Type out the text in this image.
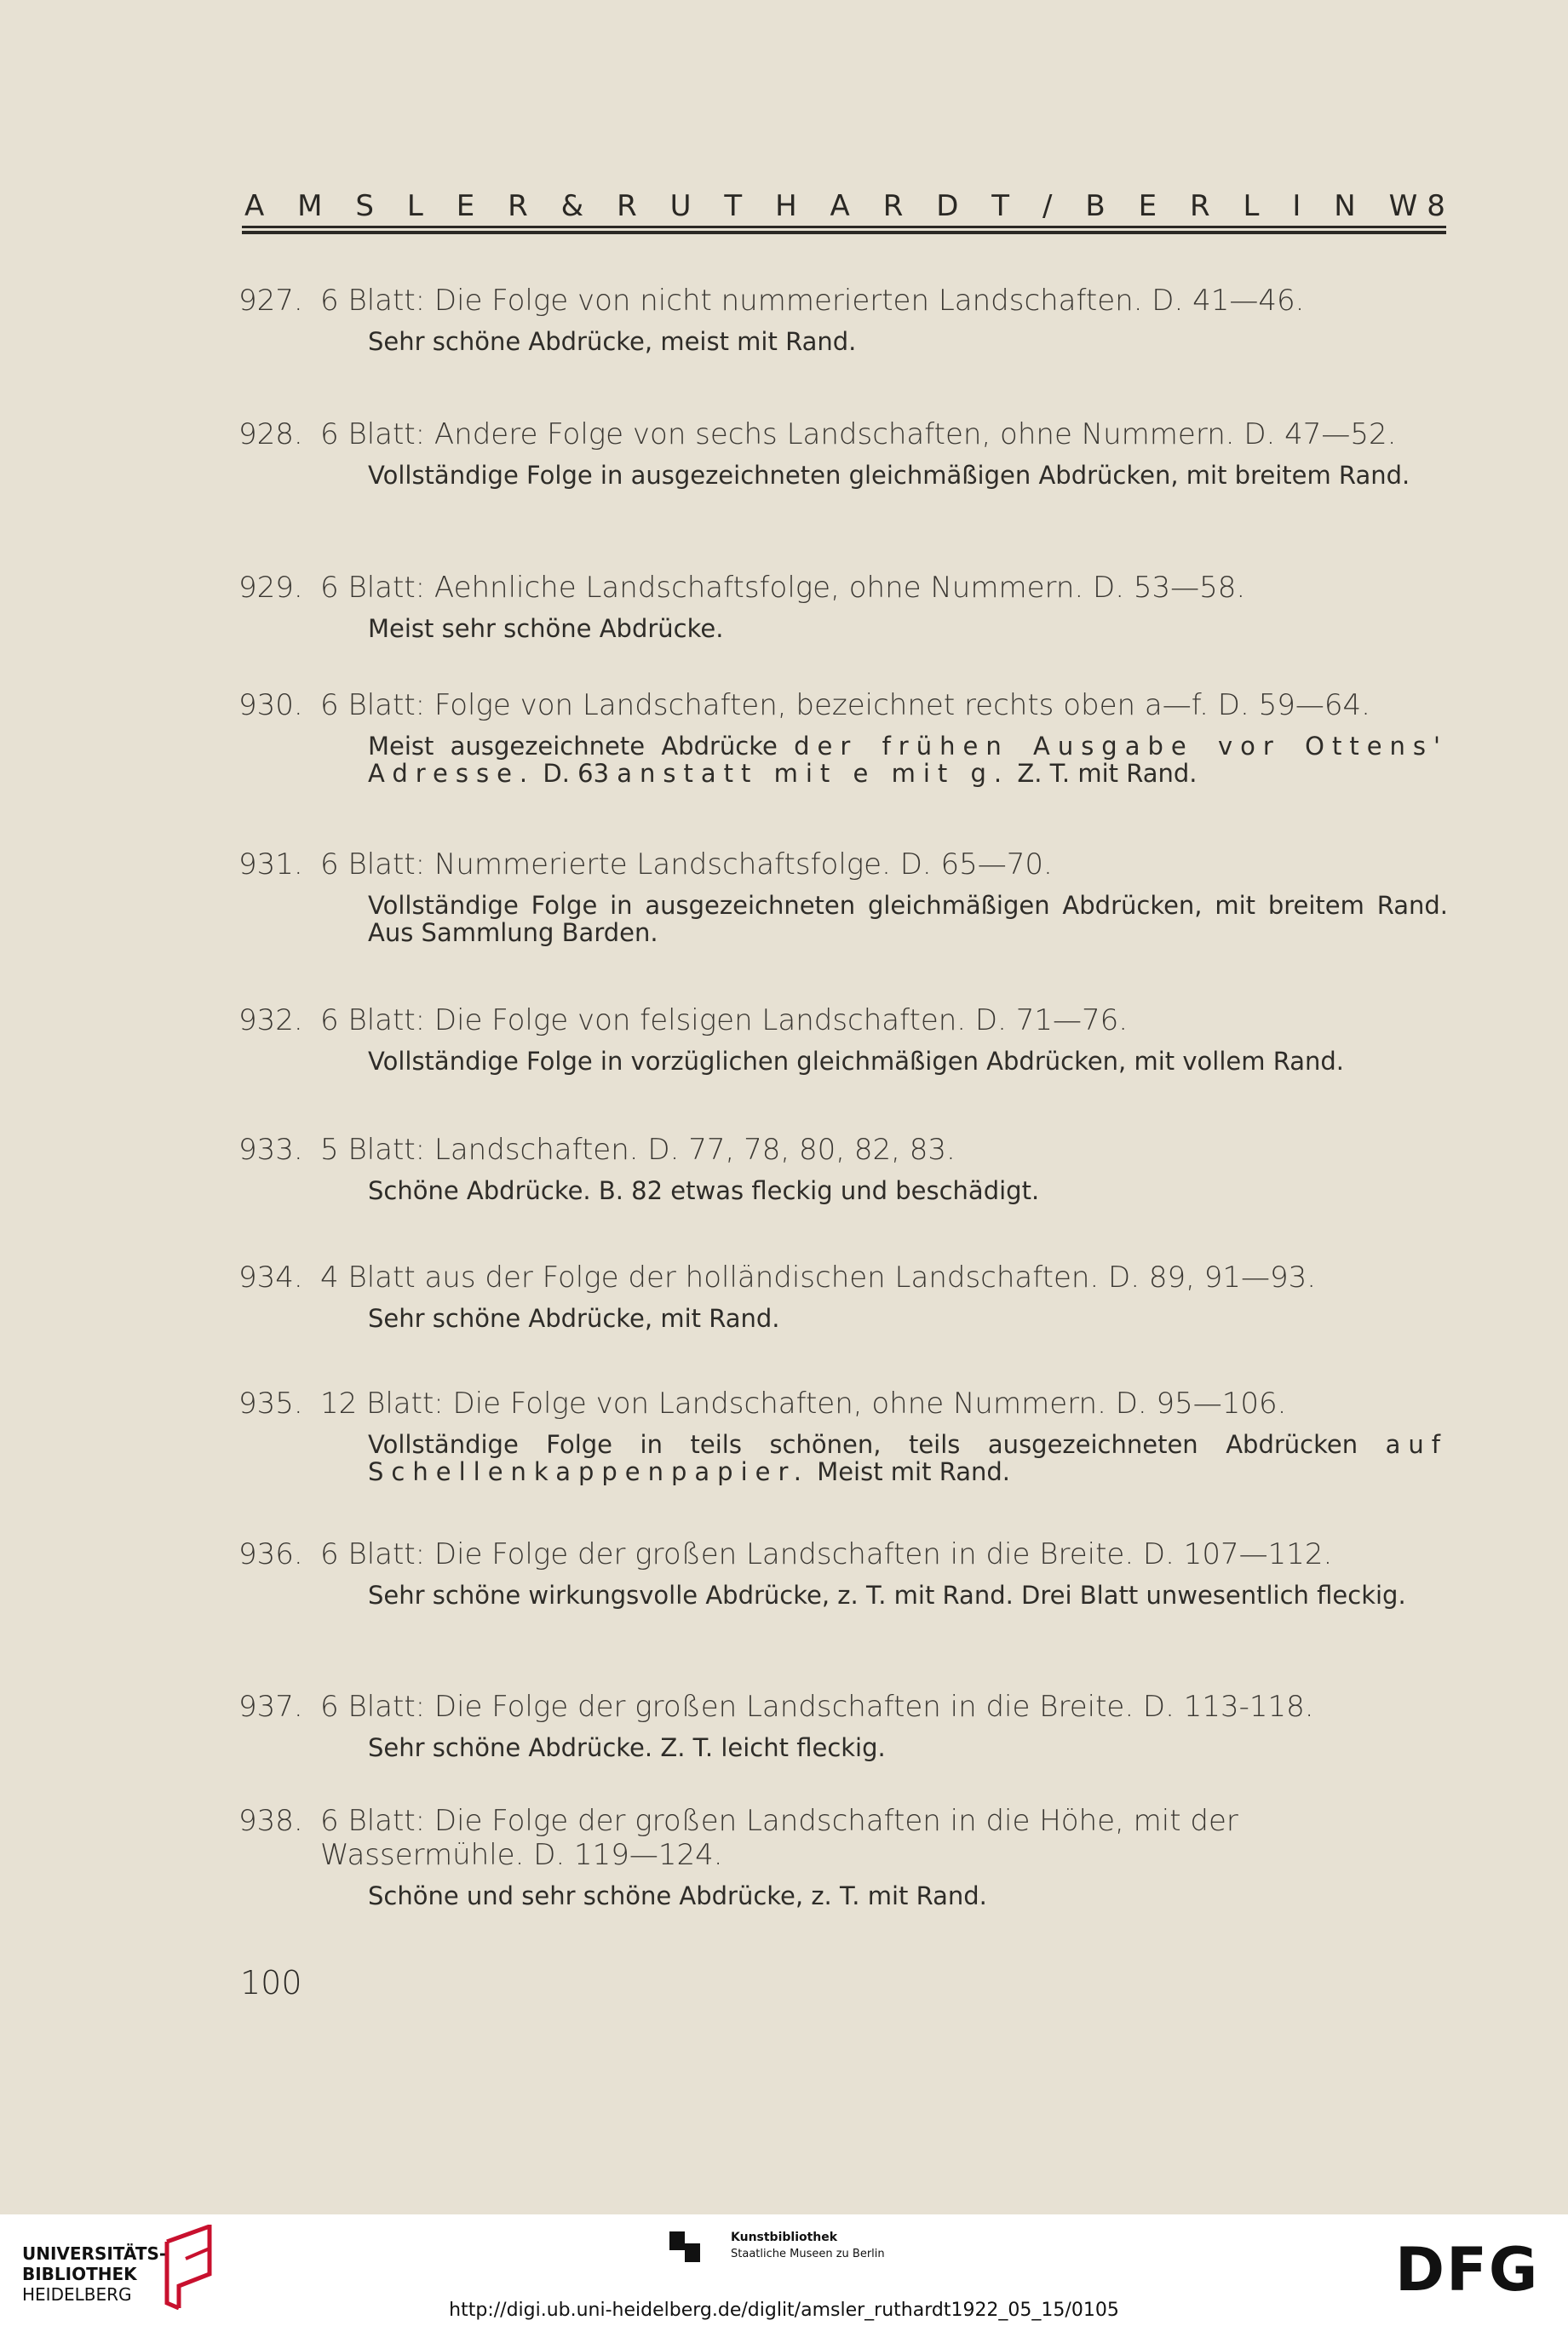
A M S L E R & R U T H A R D T / B E R L I N W 8
927. 6 Blatt: Die Folge von nicht nummerierten Landschaften. D. 41—46.
Sehr schöne Abdrücke, meist mit Rand.
928. 6 Blatt: Andere Folge von sechs Landschaften, ohne Nummern. D. 47—52.
Vollständige Folge in ausgezeichneten gleichmäßigen Abdrücken, mit breitem Rand.
929. 6 Blatt: Aehnliche Landschaftsfolge, ohne Nummern. D. 53—58.
Meist sehr schöne Abdrücke.
930. 6 Blatt: Folge von Landschaften, bezeichnet rechts oben a—f. D. 59—64.
Meist ausgezeichnete Abdrücke der frühen Ausgabe vor Ottens' Adresse. D. 63 anstatt mit e mit g. Z. T. mit Rand.
931. 6 Blatt: Nummerierte Landschaftsfolge. D. 65—70.
Vollständige Folge in ausgezeichneten gleichmäßigen Abdrücken, mit breitem Rand. Aus Sammlung Barden.
932. 6 Blatt: Die Folge von felsigen Landschaften. D. 71—76.
Vollständige Folge in vorzüglichen gleichmäßigen Abdrücken, mit vollem Rand.
933. 5 Blatt: Landschaften. D. 77, 78, 80, 82, 83.
Schöne Abdrücke. B. 82 etwas fleckig und beschädigt.
934. 4 Blatt aus der Folge der holländischen Landschaften. D. 89, 91—93.
Sehr schöne Abdrücke, mit Rand.
935. 12 Blatt: Die Folge von Landschaften, ohne Nummern. D. 95—106.
Vollständige Folge in teils schönen, teils ausgezeichneten Abdrücken auf Schellenkappenpapier. Meist mit Rand.
936. 6 Blatt: Die Folge der großen Landschaften in die Breite. D. 107—112.
Sehr schöne wirkungsvolle Abdrücke, z. T. mit Rand. Drei Blatt unwesentlich fleckig.
937. 6 Blatt: Die Folge der großen Landschaften in die Breite. D. 113-118.
Sehr schöne Abdrücke. Z. T. leicht fleckig.
938. 6 Blatt: Die Folge der großen Landschaften in die Höhe, mit der Wassermühle. D. 119—124.
Schöne und sehr schöne Abdrücke, z. T. mit Rand.
100
UNIVERSITÄTS-
BIBLIOTHEK
HEIDELBERG
Kunstbibliothek
Staatliche Museen zu Berlin	DFG
http://digi.ub.uni-heidelberg.de/diglit/amsler_ruthardt1922_05_15/0105
